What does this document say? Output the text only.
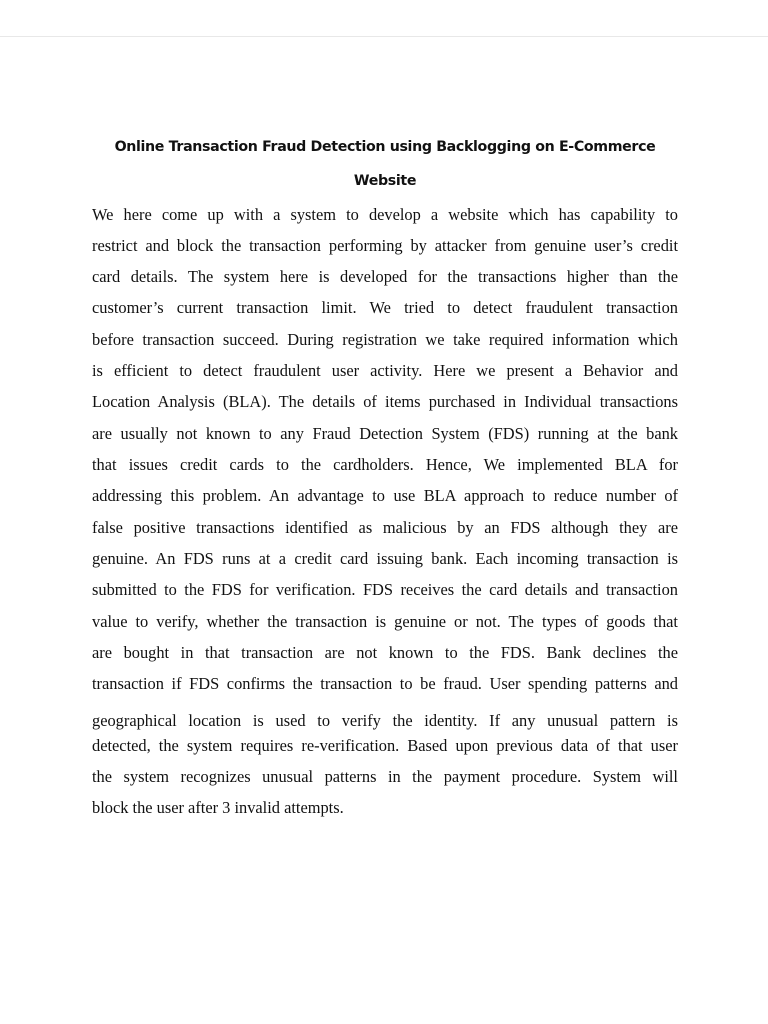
Online Transaction Fraud Detection using Backlogging on E-Commerce
Website
We here come up with a system to develop a website which has capability to
restrict and block the transaction performing by attacker from genuine user’s credit
card details. The system here is developed for the transactions higher than the
customer’s current transaction limit. We tried to detect fraudulent transaction
before transaction succeed. During registration we take required information which
is efficient to detect fraudulent user activity. Here we present a Behavior and
Location Analysis (BLA). The details of items purchased in Individual transactions
are usually not known to any Fraud Detection System (FDS) running at the bank
that issues credit cards to the cardholders. Hence, We implemented BLA for
addressing this problem. An advantage to use BLA approach to reduce number of
false positive transactions identified as malicious by an FDS although they are
genuine. An FDS runs at a credit card issuing bank. Each incoming transaction is
submitted to the FDS for verification. FDS receives the card details and transaction
value to verify, whether the transaction is genuine or not. The types of goods that
are bought in that transaction are not known to the FDS. Bank declines the
transaction if FDS confirms the transaction to be fraud. User spending patterns and
geographical location is used to verify the identity. If any unusual pattern is
detected, the system requires re-verification. Based upon previous data of that user
the system recognizes unusual patterns in the payment procedure. System will
block the user after 3 invalid attempts.
